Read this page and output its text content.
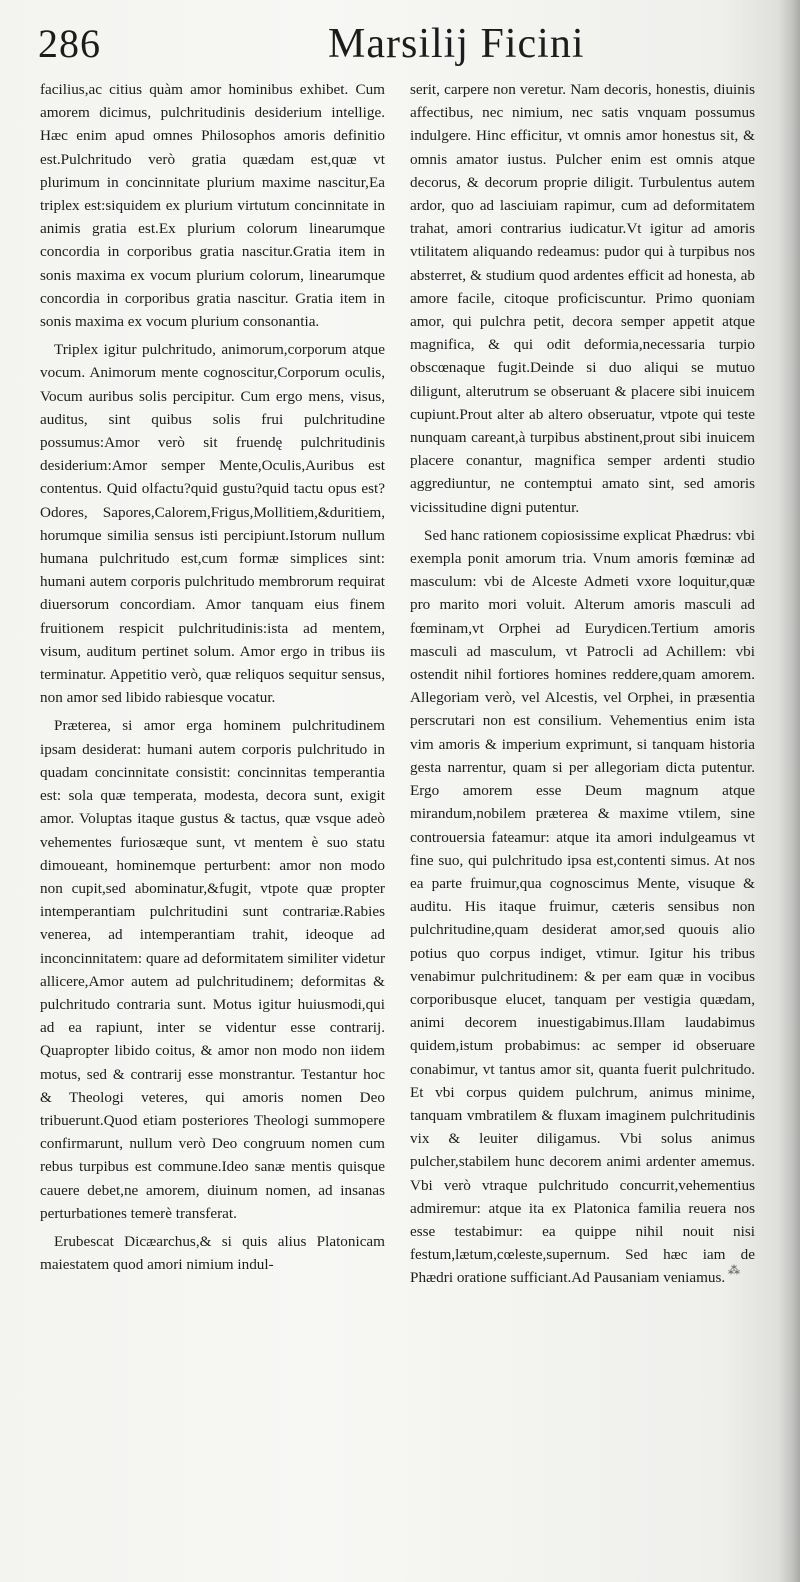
286	Marsilij Ficini

facilius,ac citius quàm amor hominibus exhibet. Cum amorem dicimus, pulchritudinis desiderium intellige. Hæc enim apud omnes Philosophos amoris definitio est.Pulchritudo verò gratia quædam est,quæ vt plurimum in concinnitate plurium maxime nascitur,Ea triplex est:siquidem ex plurium virtutum concinnitate in animis gratia est.Ex plurium colorum linearumque concordia in corporibus gratia nascitur.Gratia item in sonis maxima ex vocum plurium colorum, linearumque concordia in corporibus gratia nascitur. Gratia item in sonis maxima ex vocum plurium consonantia.

Triplex igitur pulchritudo, animorum,corporum atque vocum. Animorum mente cognoscitur,Corporum oculis, Vocum auribus solis percipitur. Cum ergo mens, visus, auditus, sint quibus solis frui pulchritudine possumus:Amor verò sit fruendę pulchritudinis desiderium:Amor semper Mente,Oculis,Auribus est contentus. Quid olfactu?quid gustu?quid tactu opus est?Odores, Sapores,Calorem,Frigus,Mollitiem,&duritiem, horumque similia sensus isti percipiunt.Istorum nullum humana pulchritudo est,cum formæ simplices sint: humani autem corporis pulchritudo membrorum requirat diuersorum concordiam. Amor tanquam eius finem fruitionem respicit pulchritudinis:ista ad mentem, visum, auditum pertinet solum. Amor ergo in tribus iis terminatur. Appetitio verò, quæ reliquos sequitur sensus, non amor sed libido rabiesque vocatur.

Præterea, si amor erga hominem pulchritudinem ipsam desiderat: humani autem corporis pulchritudo in quadam concinnitate consistit: concinnitas temperantia est: sola quæ temperata, modesta, decora sunt, exigit amor. Voluptas itaque gustus & tactus, quæ vsque adeò vehementes furiosæque sunt, vt mentem è suo statu dimoueant, hominemque perturbent: amor non modo non cupit,sed abominatur,&fugit, vtpote quæ propter intemperantiam pulchritudini sunt contrariæ.Rabies venerea, ad intemperantiam trahit, ideoque ad inconcinnitatem: quare ad deformitatem similiter videtur allicere,Amor autem ad pulchritudinem; deformitas & pulchritudo contraria sunt. Motus igitur huiusmodi,qui ad ea rapiunt, inter se videntur esse contrarij. Quapropter libido coitus, & amor non modo non iidem motus, sed & contrarij esse monstrantur. Testantur hoc & Theologi veteres, qui amoris nomen Deo tribuerunt.Quod etiam posteriores Theologi summopere confirmarunt, nullum verò Deo congruum nomen cum rebus turpibus est commune.Ideo sanæ mentis quisque cauere debet,ne amorem, diuinum nomen, ad insanas perturbationes temerè transferat.

Erubescat Dicæarchus,& si quis alius Platonicam maiestatem quod amori nimium indul-

serit, carpere non veretur. Nam decoris, honestis, diuinis affectibus, nec nimium, nec satis vnquam possumus indulgere. Hinc efficitur, vt omnis amor honestus sit, & omnis amator iustus. Pulcher enim est omnis atque decorus, & decorum proprie diligit. Turbulentus autem ardor, quo ad lasciuiam rapimur, cum ad deformitatem trahat, amori contrarius iudicatur.Vt igitur ad amoris vtilitatem aliquando redeamus: pudor qui à turpibus nos absterret, & studium quod ardentes efficit ad honesta, ab amore facile, citoque proficiscuntur. Primo quoniam amor, qui pulchra petit, decora semper appetit atque magnifica, & qui odit deformia,necessaria turpio obscœnaque fugit.Deinde si duo aliqui se mutuo diligunt, alterutrum se obseruant & placere sibi inuicem cupiunt.Prout alter ab altero obseruatur, vtpote qui teste nunquam careant,à turpibus abstinent,prout sibi inuicem placere conantur, magnifica semper ardenti studio aggrediuntur, ne contemptui amato sint, sed amoris vicissitudine digni putentur.

Sed hanc rationem copiosissime explicat Phædrus: vbi exempla ponit amorum tria. Vnum amoris fœminæ ad masculum: vbi de Alceste Admeti vxore loquitur,quæ pro marito mori voluit. Alterum amoris masculi ad fœminam,vt Orphei ad Eurydicen.Tertium amoris masculi ad masculum, vt Patrocli ad Achillem: vbi ostendit nihil fortiores homines reddere,quam amorem. Allegoriam verò, vel Alcestis, vel Orphei, in præsentia perscrutari non est consilium. Vehementius enim ista vim amoris & imperium exprimunt, si tanquam historia gesta narrentur, quam si per allegoriam dicta putentur. Ergo amorem esse Deum magnum atque mirandum,nobilem præterea & maxime vtilem, sine controuersia fateamur: atque ita amori indulgeamus vt fine suo, qui pulchritudo ipsa est,contenti simus. At nos ea parte fruimur,qua cognoscimus Mente, visuque & auditu. His itaque fruimur, cæteris sensibus non pulchritudine,quam desiderat amor,sed quouis alio potius quo corpus indiget, vtimur. Igitur his tribus venabimur pulchritudinem: & per eam quæ in vocibus corporibusque elucet, tanquam per vestigia quædam, animi decorem inuestigabimus.Illam laudabimus quidem,istum probabimus: ac semper id obseruare conabimur, vt tantus amor sit, quanta fuerit pulchritudo. Et vbi corpus quidem pulchrum, animus minime, tanquam vmbratilem & fluxam imaginem pulchritudinis vix & leuiter diligamus. Vbi solus animus pulcher,stabilem hunc decorem animi ardenter amemus. Vbi verò vtraque pulchritudo concurrit,vehementius admiremur: atque ita ex Platonica familia reuera nos esse testabimur: ea quippe nihil nouit nisi festum,lætum,cœleste,supernum. Sed hæc iam de Phædri oratione sufficiant.Ad Pausaniam veniamus. ⁂
